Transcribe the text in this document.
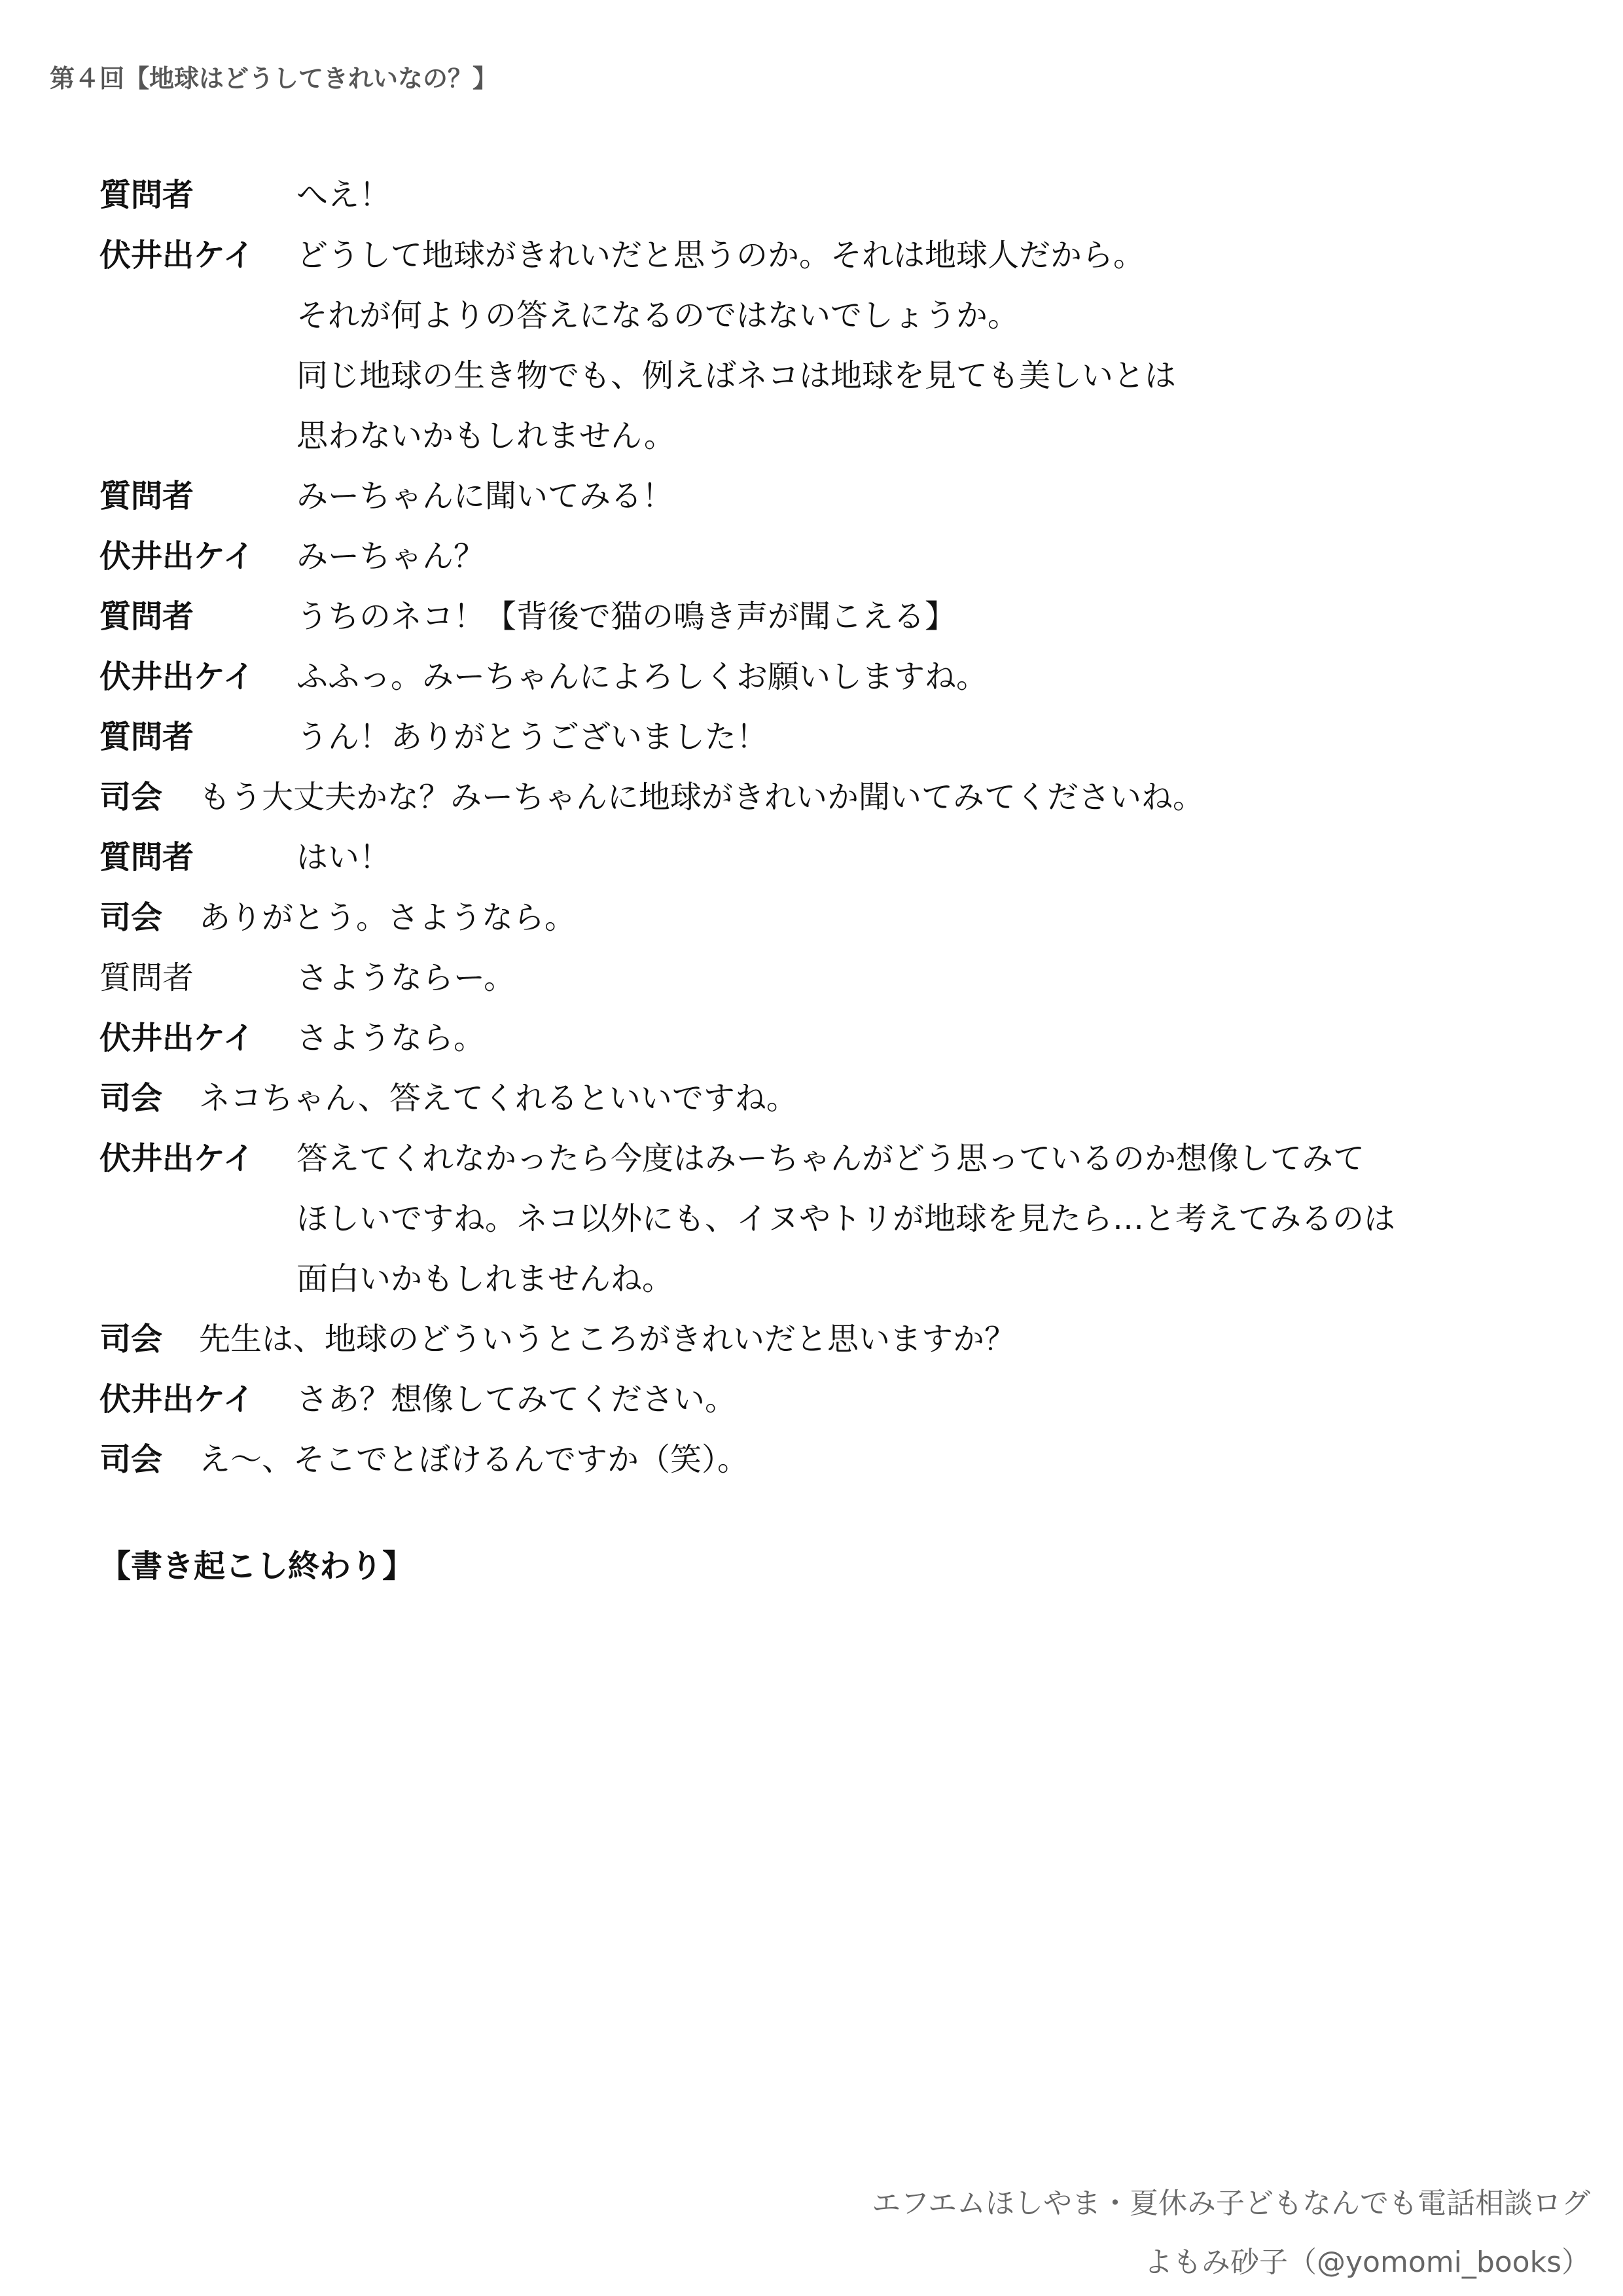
第４回【地球はどうしてきれいなの？】
質問者	へえ！
伏井出ケイ どうして地球がきれいだと思うのか。それは地球人だから。
それが何よりの答えになるのではないでしょうか。
同じ地球の生き物でも、例えばネコは地球を見ても美しいとは
思わないかもしれません。
質問者	みーちゃんに聞いてみる！
伏井出ケイ みーちゃん？
質問者	うちのネコ！【背後で猫の鳴き声が聞こえる】
伏井出ケイ ふふっ。みーちゃんによろしくお願いしますね。
質問者	うん！ありがとうございました！
司会 もう大丈夫かな？みーちゃんに地球がきれいか聞いてみてくださいね。
質問者	はい！
司会 ありがとう。さようなら。
質問者	さようならー。
伏井出ケイ さようなら。
司会 ネコちゃん、答えてくれるといいですね。
伏井出ケイ 答えてくれなかったら今度はみーちゃんがどう思っているのか想像してみて
ほしいですね。ネコ以外にも、イヌやトリが地球を見たら…と考えてみるのは
面白いかもしれませんね。
司会 先生は、地球のどういうところがきれいだと思いますか？
伏井出ケイ さあ？想像してみてください。
司会 え〜、そこでとぼけるんですか（笑）。
【書き起こし終わり】
エフエムほしやま・夏休み子どもなんでも電話相談ログ
よもみ砂子（@yomomi_books）
